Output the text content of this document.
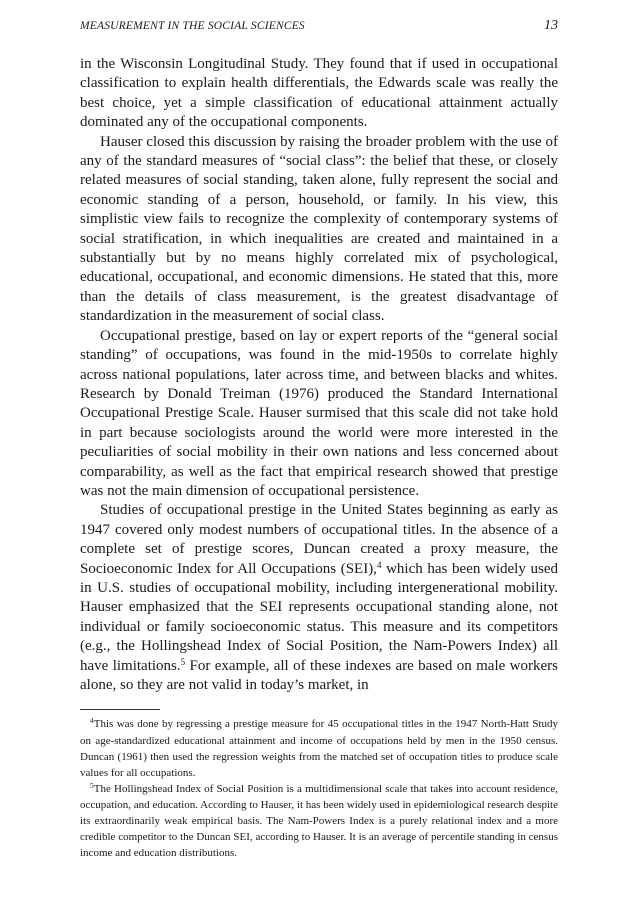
MEASUREMENT IN THE SOCIAL SCIENCES	13

in the Wisconsin Longitudinal Study. They found that if used in occupational classification to explain health differentials, the Edwards scale was really the best choice, yet a simple classification of educational attainment actually dominated any of the occupational components.

Hauser closed this discussion by raising the broader problem with the use of any of the standard measures of “social class”: the belief that these, or closely related measures of social standing, taken alone, fully represent the social and economic standing of a person, household, or family. In his view, this simplistic view fails to recognize the complexity of contemporary systems of social stratification, in which inequalities are created and maintained in a substantially but by no means highly correlated mix of psychological, educational, occupational, and economic dimensions. He stated that this, more than the details of class measurement, is the greatest disadvantage of standardization in the measurement of social class.

Occupational prestige, based on lay or expert reports of the “general social standing” of occupations, was found in the mid-1950s to correlate highly across national populations, later across time, and between blacks and whites. Research by Donald Treiman (1976) produced the Standard International Occupational Prestige Scale. Hauser surmised that this scale did not take hold in part because sociologists around the world were more interested in the peculiarities of social mobility in their own nations and less concerned about comparability, as well as the fact that empirical research showed that prestige was not the main dimension of occupational persistence.

Studies of occupational prestige in the United States beginning as early as 1947 covered only modest numbers of occupational titles. In the absence of a complete set of prestige scores, Duncan created a proxy measure, the Socioeconomic Index for All Occupations (SEI),$^4$ which has been widely used in U.S. studies of occupational mobility, including intergenerational mobility. Hauser emphasized that the SEI represents occupational standing alone, not individual or family socioeconomic status. This measure and its competitors (e.g., the Hollingshead Index of Social Position, the Nam-Powers Index) all have limitations.$^5$ For example, all of these indexes are based on male workers alone, so they are not valid in today’s market, in

$^4$This was done by regressing a prestige measure for 45 occupational titles in the 1947 North-Hatt Study on age-standardized educational attainment and income of occupations held by men in the 1950 census. Duncan (1961) then used the regression weights from the matched set of occupation titles to produce scale values for all occupations.

$^5$The Hollingshead Index of Social Position is a multidimensional scale that takes into account residence, occupation, and education. According to Hauser, it has been widely used in epidemiological research despite its extraordinarily weak empirical basis. The Nam-Powers Index is a purely relational index and a more credible competitor to the Duncan SEI, according to Hauser. It is an average of percentile standing in census income and education distributions.
